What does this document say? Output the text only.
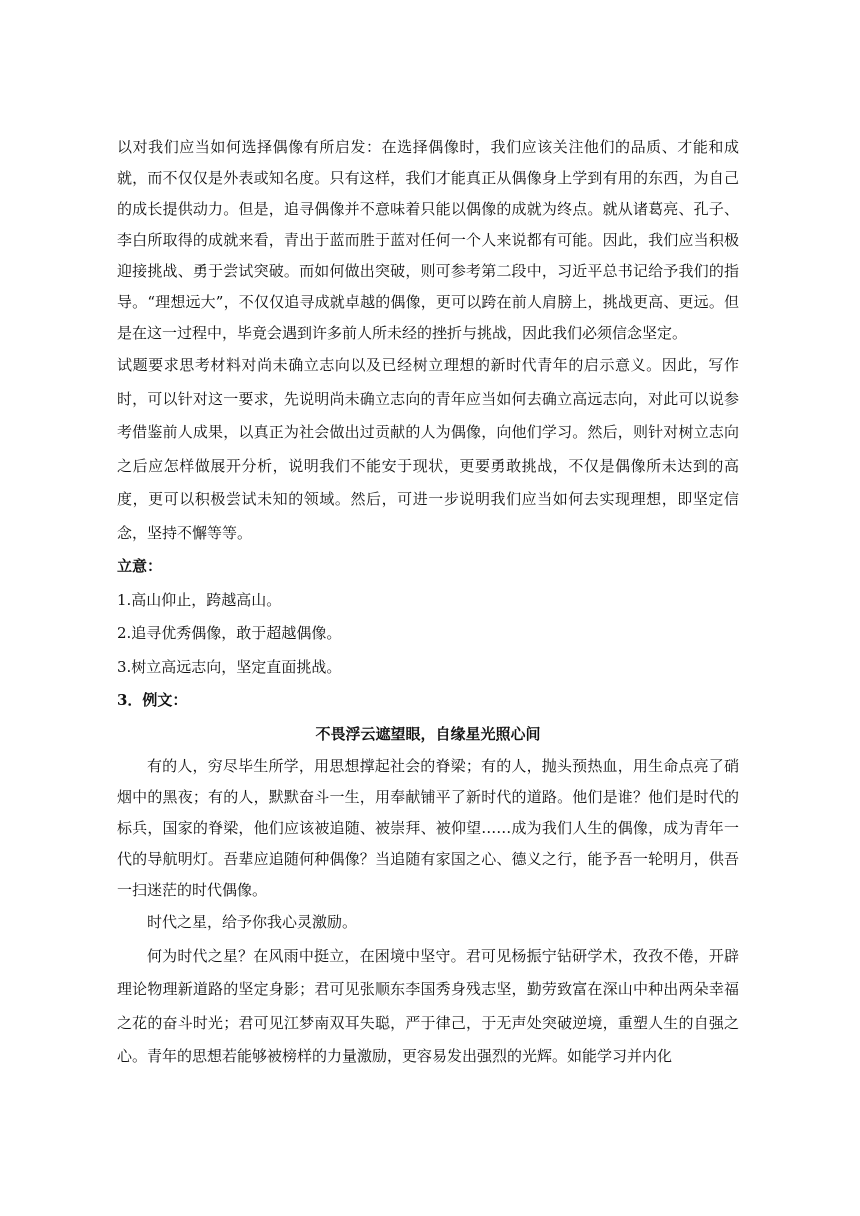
以对我们应当如何选择偶像有所启发：在选择偶像时，我们应该关注他们的品质、才能和成就，而不仅仅是外表或知名度。只有这样，我们才能真正从偶像身上学到有用的东西，为自己的成长提供动力。但是，追寻偶像并不意味着只能以偶像的成就为终点。就从诸葛亮、孔子、李白所取得的成就来看，青出于蓝而胜于蓝对任何一个人来说都有可能。因此，我们应当积极迎接挑战、勇于尝试突破。而如何做出突破，则可参考第二段中，习近平总书记给予我们的指导。“理想远大”，不仅仅追寻成就卓越的偶像，更可以跨在前人肩膀上，挑战更高、更远。但是在这一过程中，毕竟会遇到许多前人所未经的挫折与挑战，因此我们必须信念坚定。

试题要求思考材料对尚未确立志向以及已经树立理想的新时代青年的启示意义。因此，写作时，可以针对这一要求，先说明尚未确立志向的青年应当如何去确立高远志向，对此可以说参考借鉴前人成果，以真正为社会做出过贡献的人为偶像，向他们学习。然后，则针对树立志向之后应怎样做展开分析，说明我们不能安于现状，更要勇敢挑战，不仅是偶像所未达到的高度，更可以积极尝试未知的领域。然后，可进一步说明我们应当如何去实现理想，即坚定信念，坚持不懈等等。

立意：

1.高山仰止，跨越高山。

2.追寻优秀偶像，敢于超越偶像。

3.树立高远志向，坚定直面挑战。

3．例文：

不畏浮云遮望眼，自缘星光照心间

有的人，穷尽毕生所学，用思想撑起社会的脊梁；有的人，抛头预热血，用生命点亮了硝烟中的黑夜；有的人，默默奋斗一生，用奉献铺平了新时代的道路。他们是谁？他们是时代的标兵，国家的脊梁，他们应该被追随、被崇拜、被仰望……成为我们人生的偶像，成为青年一代的导航明灯。吾辈应追随何种偶像？当追随有家国之心、德义之行，能予吾一轮明月，供吾一扫迷茫的时代偶像。

时代之星，给予你我心灵激励。

何为时代之星？在风雨中挺立，在困境中坚守。君可见杨振宁钻研学术，孜孜不倦，开辟理论物理新道路的坚定身影；君可见张顺东李国秀身残志坚，勤劳致富在深山中种出两朵幸福之花的奋斗时光；君可见江梦南双耳失聪，严于律己，于无声处突破逆境，重塑人生的自强之心。青年的思想若能够被榜样的力量激励，更容易发出强烈的光辉。如能学习并内化
